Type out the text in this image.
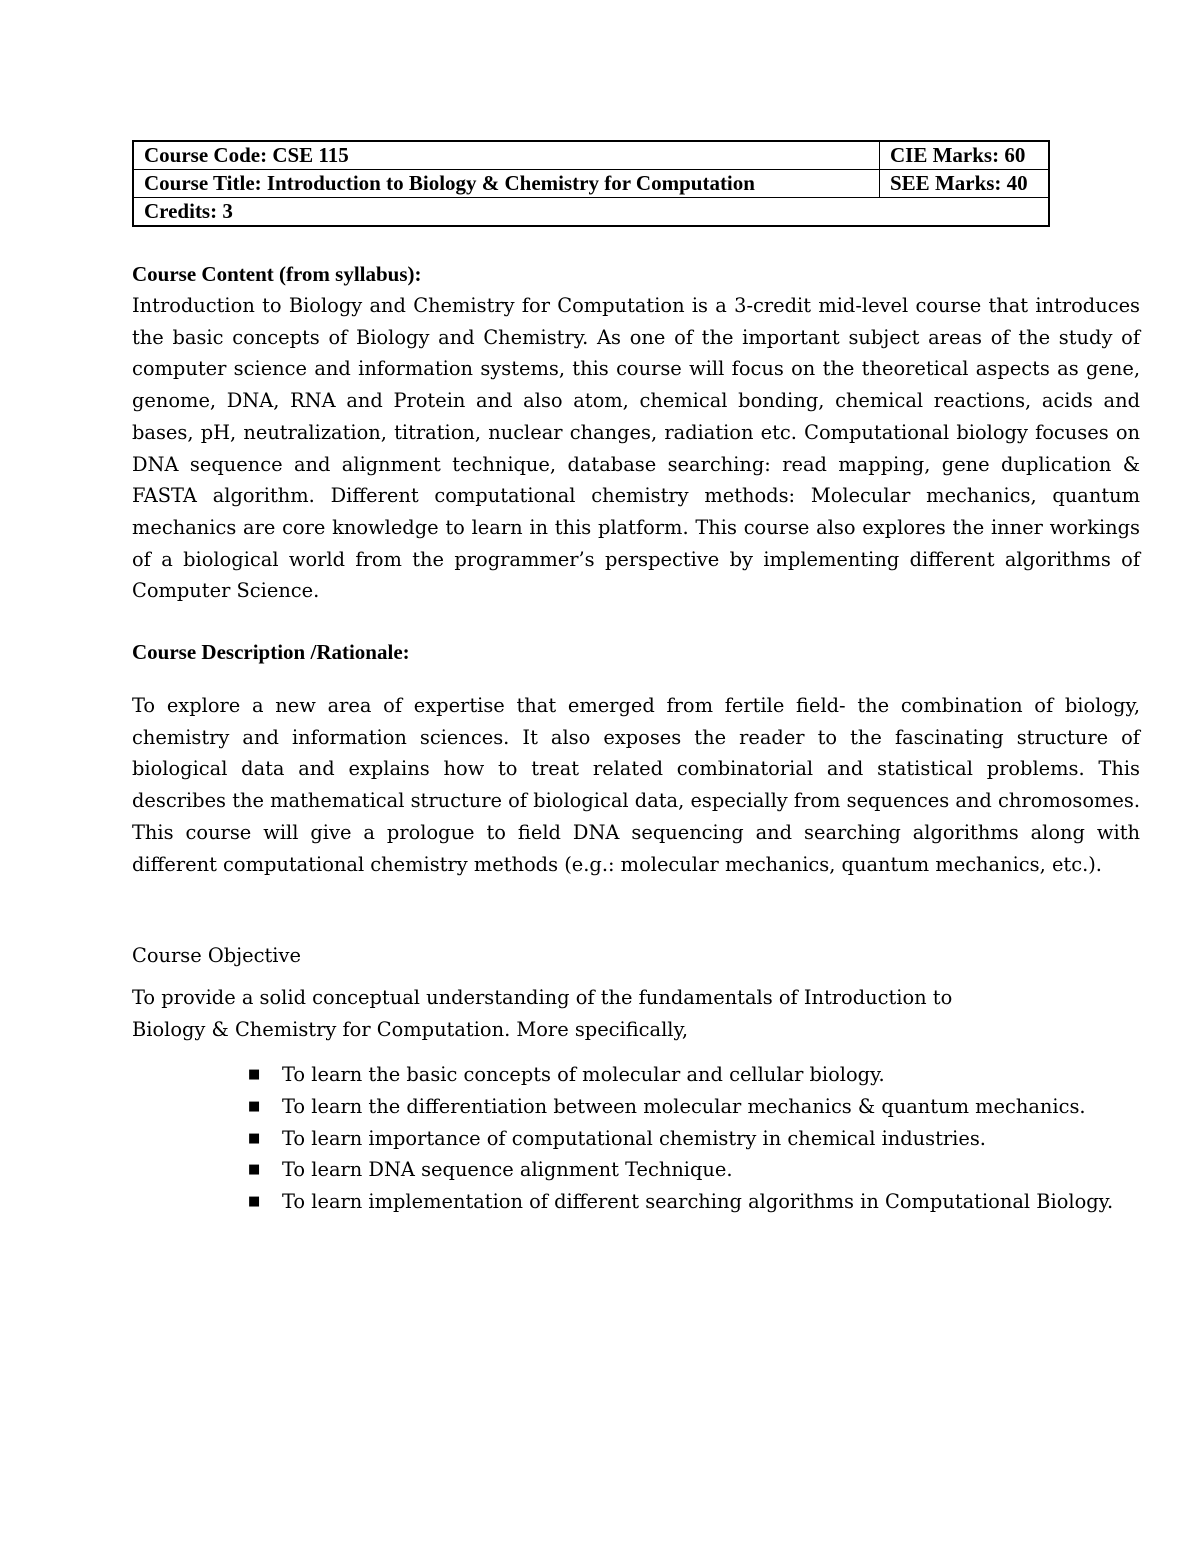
Course Code: CSE 115	CIE Marks: 60
Course Title: Introduction to Biology & Chemistry for Computation	SEE Marks: 40
Credits: 3	

Course Content (from syllabus):

Introduction to Biology and Chemistry for Computation is a 3-credit mid-level course that introduces the basic concepts of Biology and Chemistry. As one of the important subject areas of the study of computer science and information systems, this course will focus on the theoretical aspects as gene, genome, DNA, RNA and Protein and also atom, chemical bonding, chemical reactions, acids and bases, pH, neutralization, titration, nuclear changes, radiation etc. Computational biology focuses on DNA sequence and alignment technique, database searching: read mapping, gene duplication & FASTA algorithm. Different computational chemistry methods: Molecular mechanics, quantum mechanics are core knowledge to learn in this platform. This course also explores the inner workings of a biological world from the programmer’s perspective by implementing different algorithms of Computer Science.

Course Description /Rationale:

To explore a new area of expertise that emerged from fertile field- the combination of biology, chemistry and information sciences. It also exposes the reader to the fascinating structure of biological data and explains how to treat related combinatorial and statistical problems. This describes the mathematical structure of biological data, especially from sequences and chromosomes. This course will give a prologue to field DNA sequencing and searching algorithms along with different computational chemistry methods (e.g.: molecular mechanics, quantum mechanics, etc.).

Course Objective

To provide a solid conceptual understanding of the fundamentals of Introduction to Biology & Chemistry for Computation. More specifically,

■ To learn the basic concepts of molecular and cellular biology.
■ To learn the differentiation between molecular mechanics & quantum mechanics.
■ To learn importance of computational chemistry in chemical industries.
■ To learn DNA sequence alignment Technique.
■ To learn implementation of different searching algorithms in Computational Biology.
